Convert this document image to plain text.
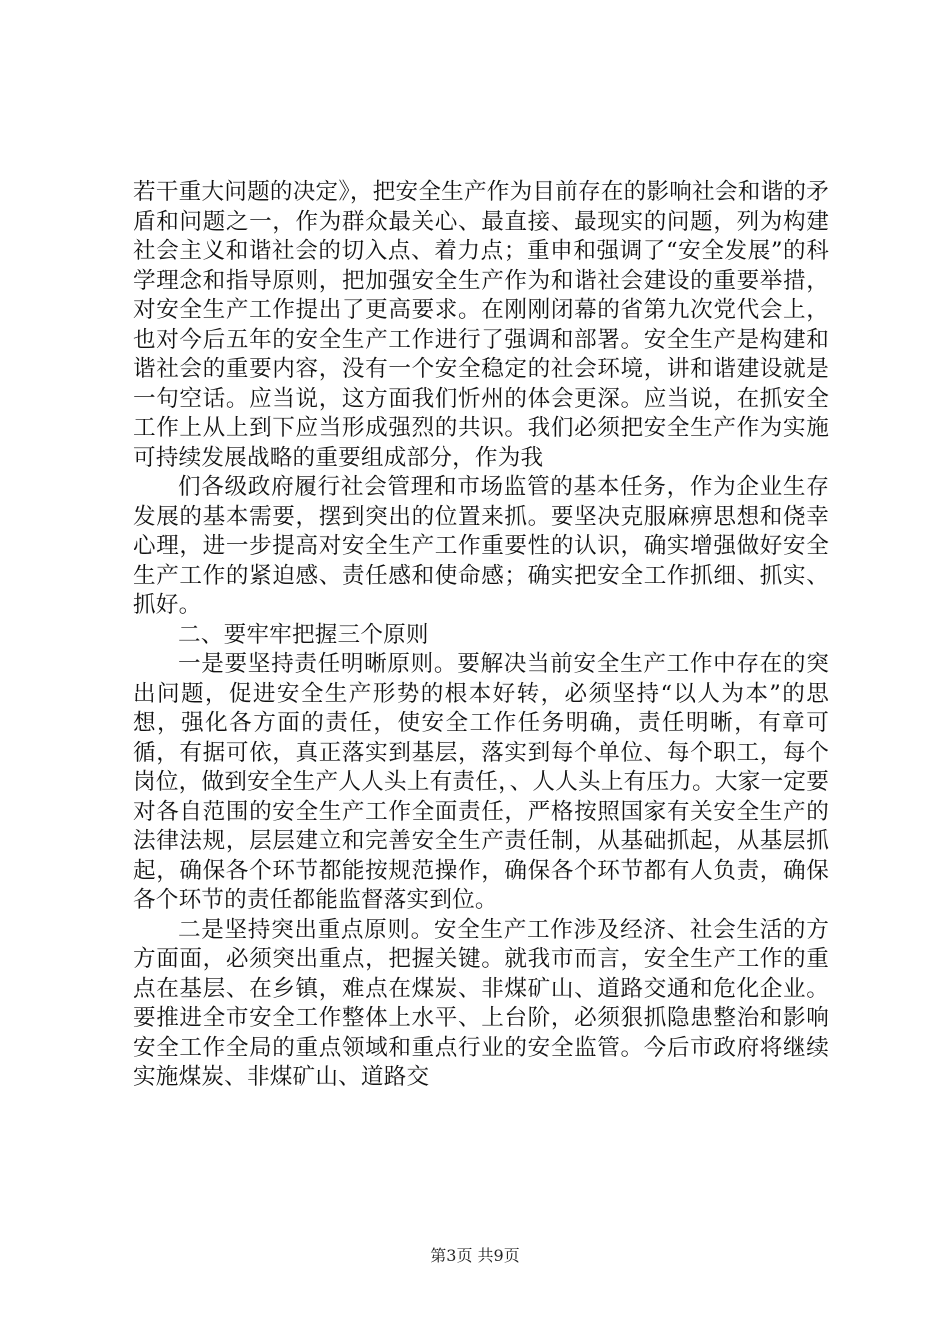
若干重大问题的决定》，把安全生产作为目前存在的影响社会和谐的矛盾和问题之一，作为群众最关心、最直接、最现实的问题，列为构建社会主义和谐社会的切入点、着力点；重申和强调了“安全发展”的科学理念和指导原则，把加强安全生产作为和谐社会建设的重要举措，对安全生产工作提出了更高要求。在刚刚闭幕的省第九次党代会上，也对今后五年的安全生产工作进行了强调和部署。安全生产是构建和谐社会的重要内容，没有一个安全稳定的社会环境，讲和谐建设就是一句空话。应当说，这方面我们忻州的体会更深。应当说，在抓安全工作上从上到下应当形成强烈的共识。我们必须把安全生产作为实施可持续发展战略的重要组成部分，作为我

们各级政府履行社会管理和市场监管的基本任务，作为企业生存发展的基本需要，摆到突出的位置来抓。要坚决克服麻痹思想和侥幸心理，进一步提高对安全生产工作重要性的认识，确实增强做好安全生产工作的紧迫感、责任感和使命感；确实把安全工作抓细、抓实、抓好。

二、要牢牢把握三个原则

一是要坚持责任明晰原则。要解决当前安全生产工作中存在的突出问题，促进安全生产形势的根本好转，必须坚持“以人为本”的思想，强化各方面的责任，使安全工作任务明确，责任明晰，有章可循，有据可依，真正落实到基层，落实到每个单位、每个职工，每个岗位，做到安全生产人人头上有责任，、人人头上有压力。大家一定要对各自范围的安全生产工作全面责任，严格按照国家有关安全生产的法律法规，层层建立和完善安全生产责任制，从基础抓起，从基层抓起，确保各个环节都能按规范操作，确保各个环节都有人负责，确保各个环节的责任都能监督落实到位。

二是坚持突出重点原则。安全生产工作涉及经济、社会生活的方方面面，必须突出重点，把握关键。就我市而言，安全生产工作的重点在基层、在乡镇，难点在煤炭、非煤矿山、道路交通和危化企业。要推进全市安全工作整体上水平、上台阶，必须狠抓隐患整治和影响安全工作全局的重点领域和重点行业的安全监管。今后市政府将继续实施煤炭、非煤矿山、道路交

第3页 共9页
